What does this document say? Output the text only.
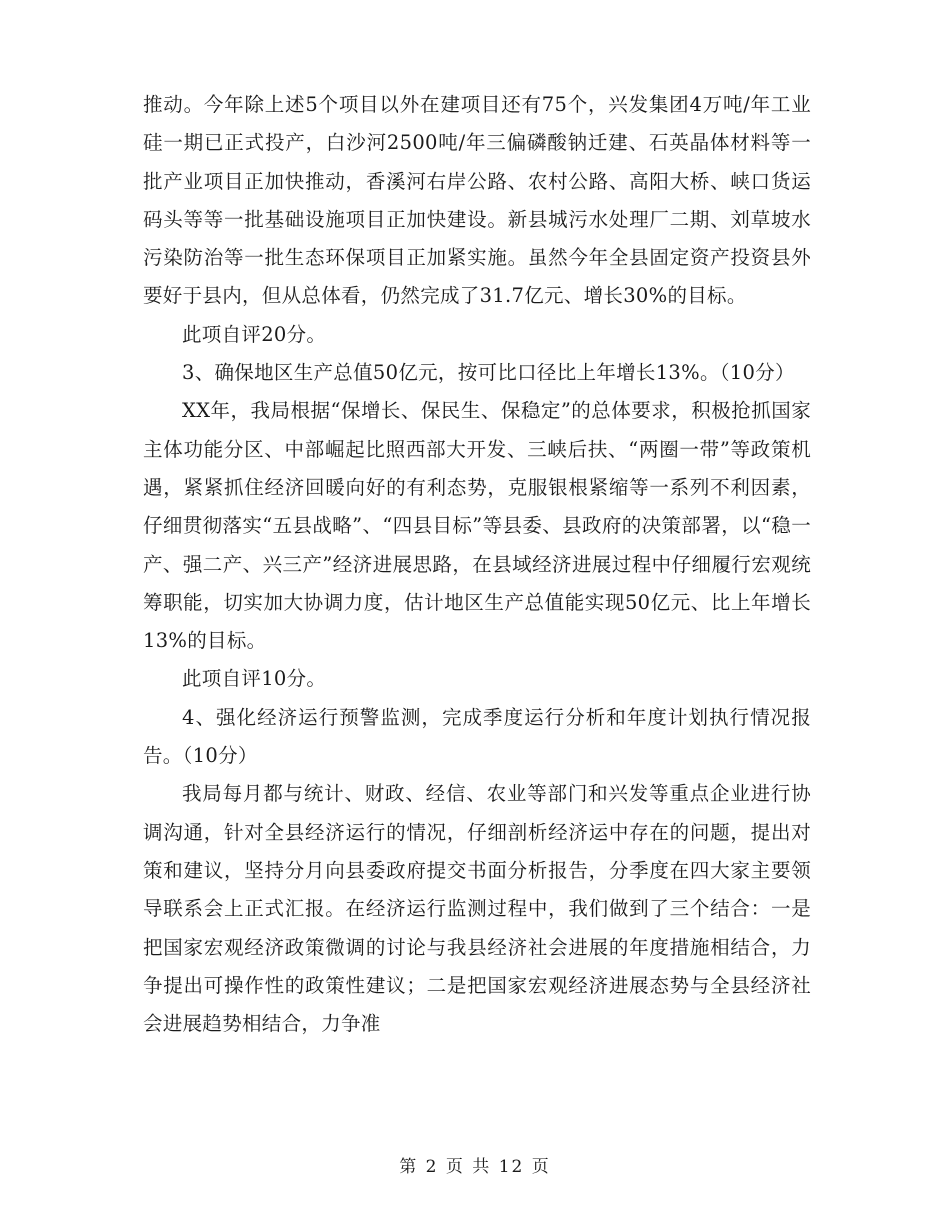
推动。今年除上述5个项目以外在建项目还有75个，兴发集团4万吨/年工业硅一期已正式投产，白沙河2500吨/年三偏磷酸钠迁建、石英晶体材料等一批产业项目正加快推动，香溪河右岸公路、农村公路、高阳大桥、峡口货运码头等等一批基础设施项目正加快建设。新县城污水处理厂二期、刘草坡水污染防治等一批生态环保项目正加紧实施。虽然今年全县固定资产投资县外要好于县内，但从总体看，仍然完成了31.7亿元、增长30%的目标。

此项自评20分。

3、确保地区生产总值50亿元，按可比口径比上年增长13%。（10分）

XX年，我局根据“保增长、保民生、保稳定”的总体要求，积极抢抓国家主体功能分区、中部崛起比照西部大开发、三峡后扶、“两圈一带”等政策机遇，紧紧抓住经济回暖向好的有利态势，克服银根紧缩等一系列不利因素，仔细贯彻落实“五县战略”、“四县目标”等县委、县政府的决策部署，以“稳一产、强二产、兴三产”经济进展思路，在县域经济进展过程中仔细履行宏观统筹职能，切实加大协调力度，估计地区生产总值能实现50亿元、比上年增长13%的目标。

此项自评10分。

4、强化经济运行预警监测，完成季度运行分析和年度计划执行情况报告。（10分）

我局每月都与统计、财政、经信、农业等部门和兴发等重点企业进行协调沟通，针对全县经济运行的情况，仔细剖析经济运中存在的问题，提出对策和建议，坚持分月向县委政府提交书面分析报告，分季度在四大家主要领导联系会上正式汇报。在经济运行监测过程中，我们做到了三个结合：一是把国家宏观经济政策微调的讨论与我县经济社会进展的年度措施相结合，力争提出可操作性的政策性建议；二是把国家宏观经济进展态势与全县经济社会进展趋势相结合，力争准

第 2 页 共 12 页
